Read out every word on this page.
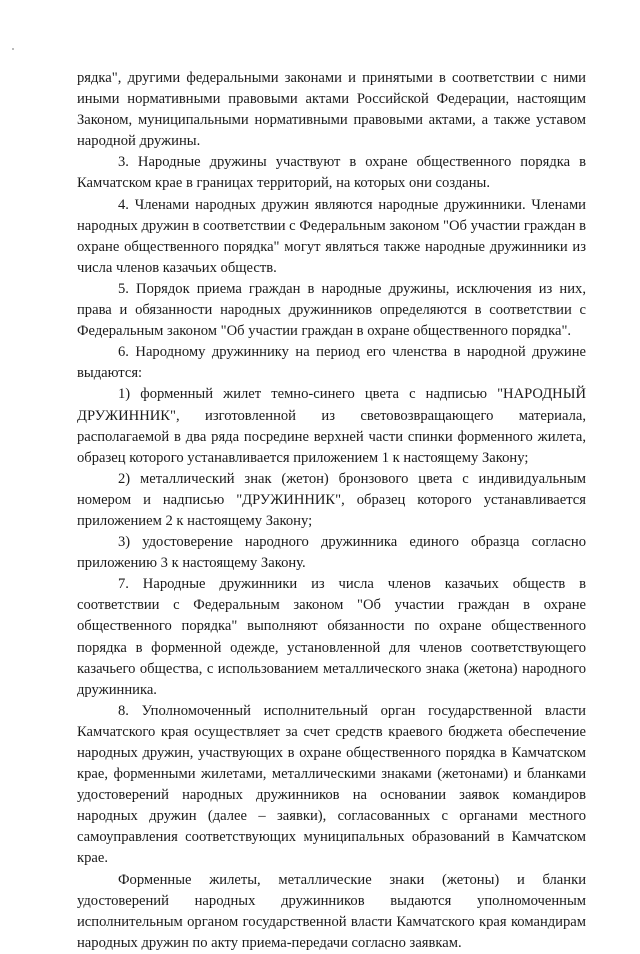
рядка", другими федеральными законами и принятыми в соответствии с ними иными нормативными правовыми актами Российской Федерации, настоящим Законом, муниципальными нормативными правовыми актами, а также уставом народной дружины.

3. Народные дружины участвуют в охране общественного порядка в Камчатском крае в границах территорий, на которых они созданы.

4. Членами народных дружин являются народные дружинники. Членами народных дружин в соответствии с Федеральным законом "Об участии граждан в охране общественного порядка" могут являться также народные дружинники из числа членов казачьих обществ.

5. Порядок приема граждан в народные дружины, исключения из них, права и обязанности народных дружинников определяются в соответствии с Федеральным законом "Об участии граждан в охране общественного порядка".

6. Народному дружиннику на период его членства в народной дружине выдаются:

1) форменный жилет темно-синего цвета с надписью "НАРОДНЫЙ ДРУЖИННИК", изготовленной из световозвращающего материала, располагаемой в два ряда посредине верхней части спинки форменного жилета, образец которого устанавливается приложением 1 к настоящему Закону;

2) металлический знак (жетон) бронзового цвета с индивидуальным номером и надписью "ДРУЖИННИК", образец которого устанавливается приложением 2 к настоящему Закону;

3) удостоверение народного дружинника единого образца согласно приложению 3 к настоящему Закону.

7. Народные дружинники из числа членов казачьих обществ в соответствии с Федеральным законом "Об участии граждан в охране общественного порядка" выполняют обязанности по охране общественного порядка в форменной одежде, установленной для членов соответствующего казачьего общества, с использованием металлического знака (жетона) народного дружинника.

8. Уполномоченный исполнительный орган государственной власти Камчатского края осуществляет за счет средств краевого бюджета обеспечение народных дружин, участвующих в охране общественного порядка в Камчатском крае, форменными жилетами, металлическими знаками (жетонами) и бланками удостоверений народных дружинников на основании заявок командиров народных дружин (далее – заявки), согласованных с органами местного самоуправления соответствующих муниципальных образований в Камчатском крае.

Форменные жилеты, металлические знаки (жетоны) и бланки удостоверений народных дружинников выдаются уполномоченным исполнительным органом государственной власти Камчатского края командирам народных дружин по акту приема-передачи согласно заявкам.
